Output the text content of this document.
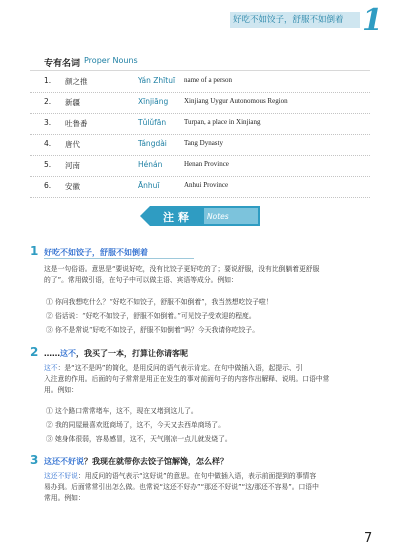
好吃不如饺子，舒服不如倒着 1
专有名词 Proper Nouns
1. 颜之推	Yán Zhītuī name of a person
2. 新疆	Xīnjiāng Xinjiang Uygur Autonomous Region
3. 吐鲁番	Tǔlǔfān	Turpan, a place in Xinjiang
4. 唐代	Tángdài Tang Dynasty
5. 河南	Hénán	Henan Province
6. 安徽	Ānhuī	Anhui Province
注释 Notes
1 好吃不如饺子，舒服不如倒着
这是一句俗语。意思是“要说好吃，没有比饺子更好吃的了；要说舒服，没有比倒躺着更舒服
的了”。常用做引语，在句子中可以做主语、宾语等成分。例如：
① 你问我想吃什么？“好吃不如饺子，舒服不如倒着”，我当然想吃饺子啦！
② 俗话说：“好吃不如饺子，舒服不如倒着。”可见饺子受欢迎的程度。
③ 你不是常说“好吃不如饺子，舒服不如倒着”吗？今天我请你吃饺子。
2 ……这不，我买了一本，打算让你请客呢
这不：是“这不是吗”的简化，是用反问的语气表示肯定。在句中做插入语，起提示、引
入注意的作用。后面的句子常常是用正在发生的事对前面句子的内容作出解释、说明。口语中常
用。例如：
① 这个路口常常堵车，这不，现在又堵到这儿了。
② 我的同屋最喜欢逛商场了，这不，今天又去西单商场了。
③ 她身体很弱，容易感冒，这不，天气刚凉一点儿就发烧了。
3 这还不好说？我现在就带你去饺子馆解馋，怎么样？
这还不好说：用反问的语气表示“这好说”的意思。在句中做插入语，表示前面提到的事情容
易办到。后面常常引出怎么做。也常说“这还不好办”“那还不好说”“这/那还不容易”。口语中
常用。例如：
7
